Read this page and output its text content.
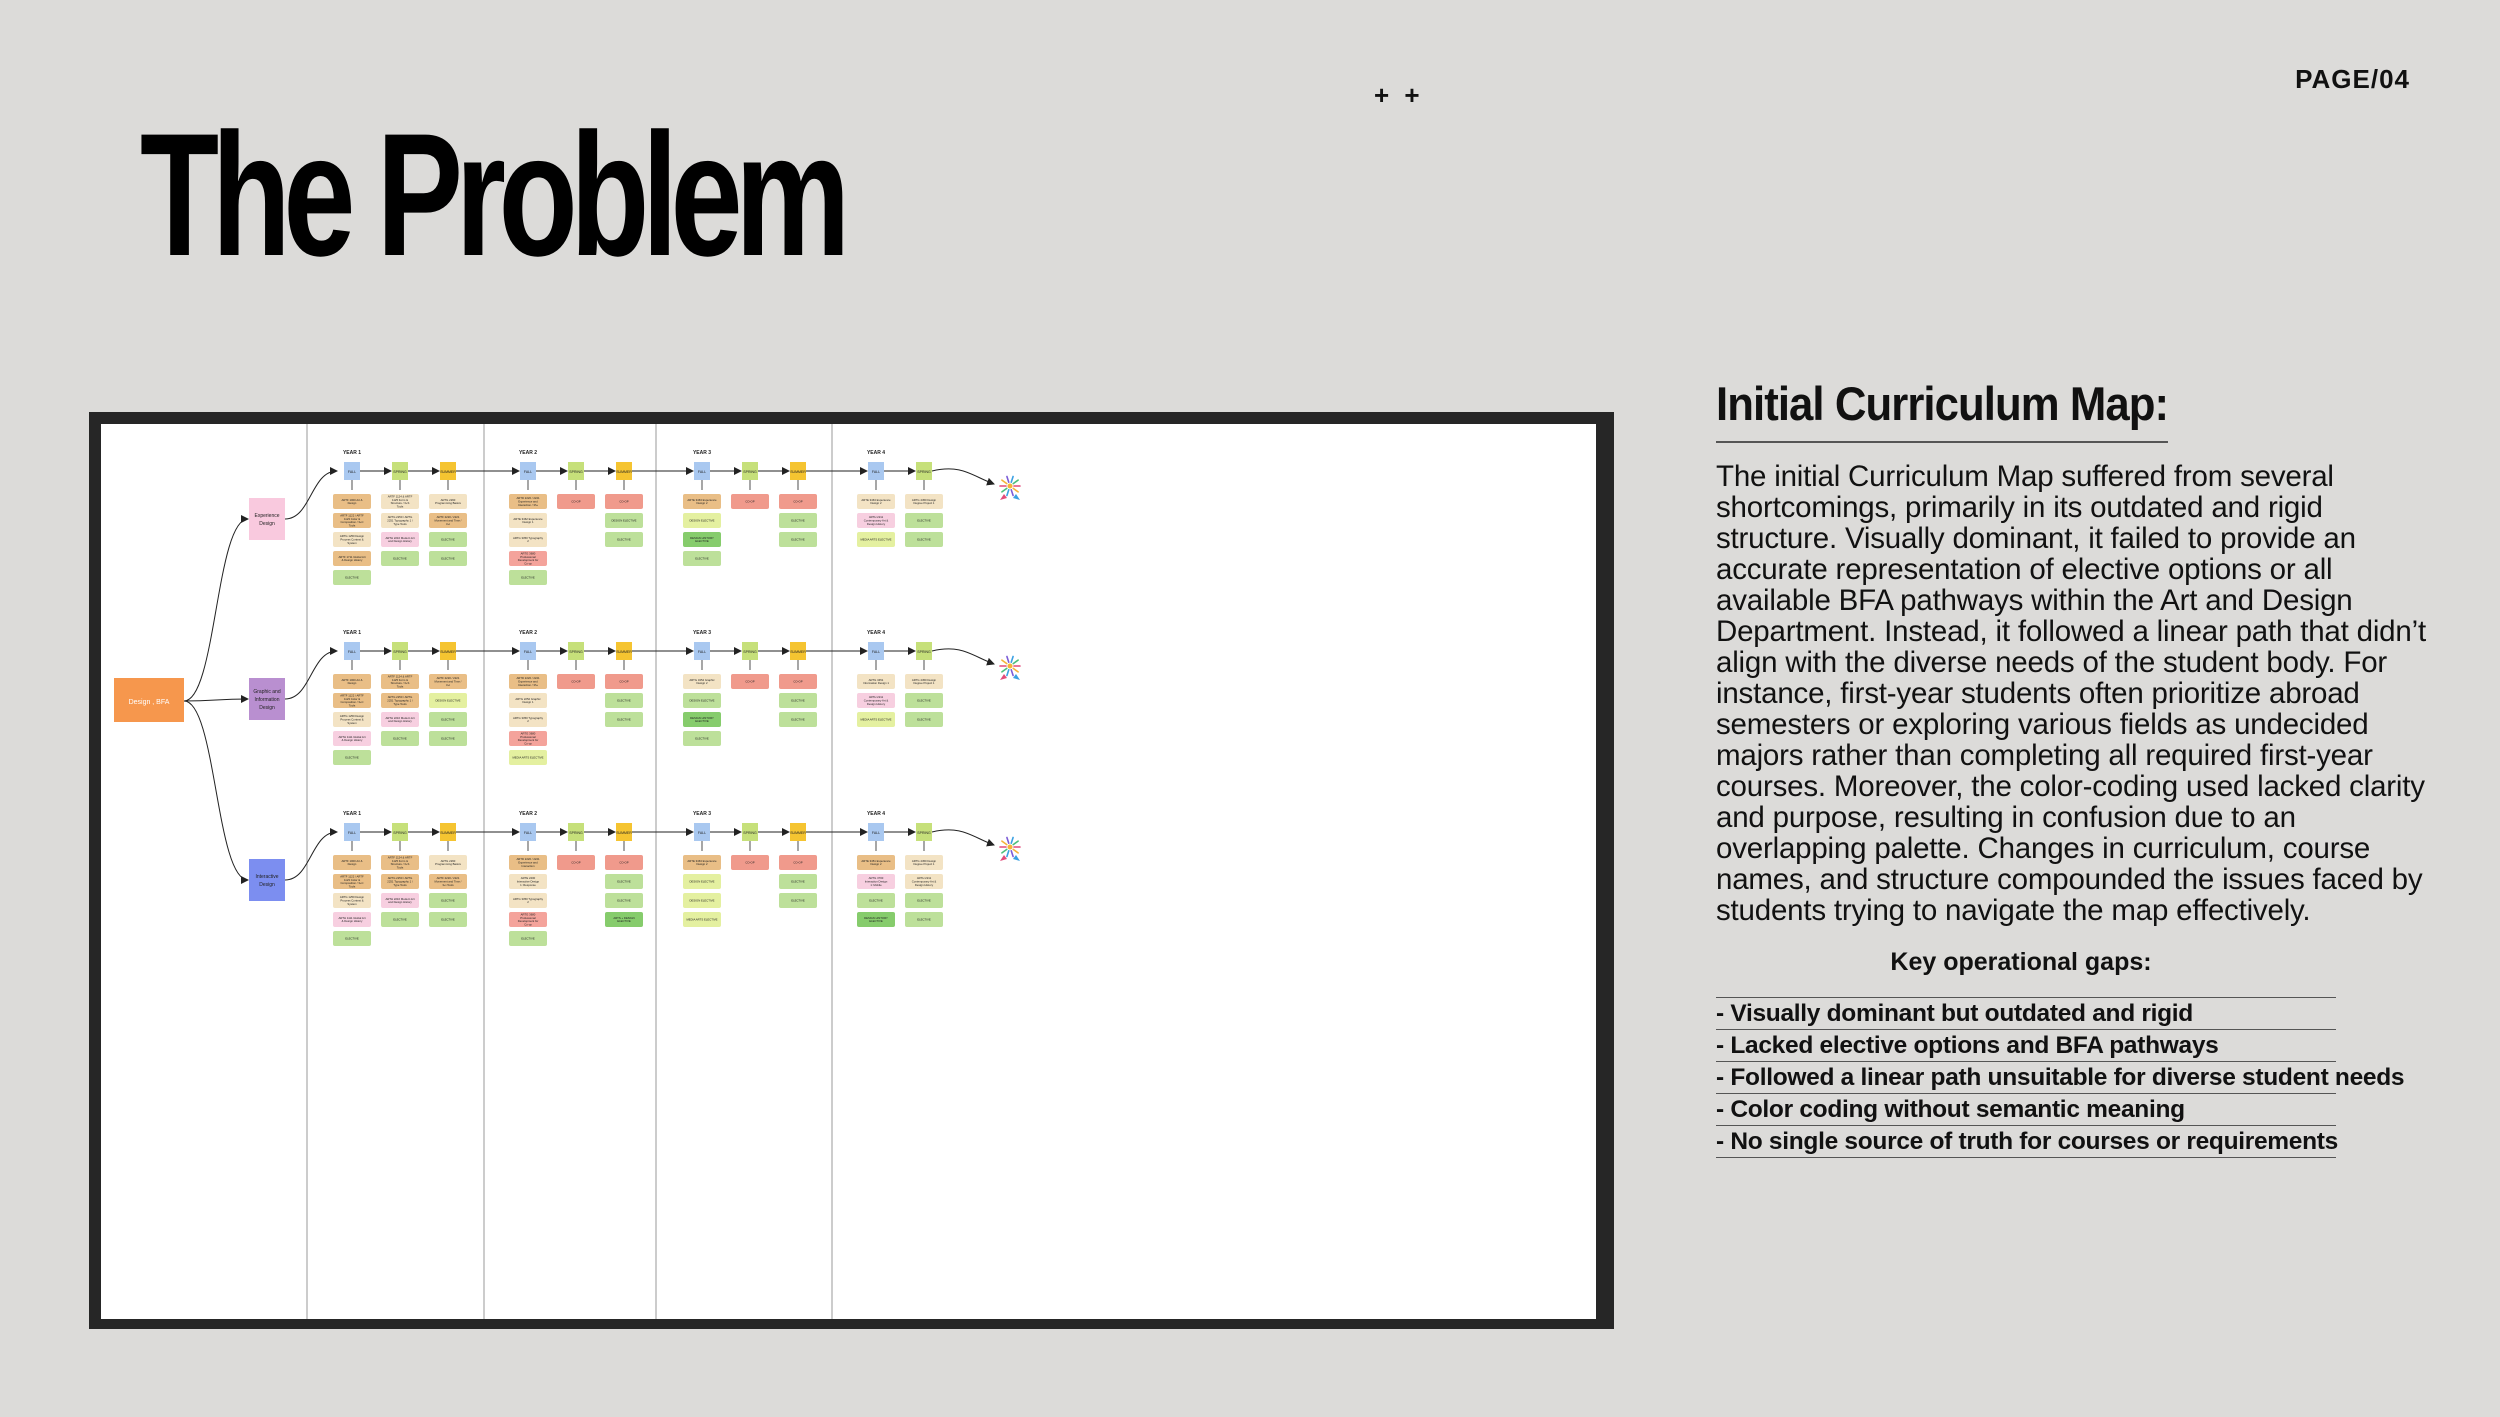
PAGE/04
+ +
The Problem
Design , BFA
Experience
Design
YEAR 1
FALL
ARTF 1000 Art &
Design
ARTF 1122 / ARTF
1123 Color &
Composition / 3+C
Tools
ARTG 1250 Design
Process Context &
System
ARTF 1711 Global Art
& Design History
ELECTIVE
SPRING
ARTF 1124 & ARTF
1125 Form &
Structure / 3+S
Tools
ARTG 2250 / ARTG
2251 Typography 1 /
Type Tools
ARTH 2210 Modern Art
and Design History
ELECTIVE
SUMMER
ARTG 2260
Programming Basics
ARTF 2220 / 2221
Movement and Time /
3+t
ELECTIVE
ELECTIVE
YEAR 2
FALL
ARTD 2220 / 2221
Experience and
Interaction / 3h+
ARTE 3462 Experience
Design 1
ARTG 3350 Typography
2
ARTG 3680
Professional
Development for
Co-op
ELECTIVE
SPRING
CO-OP
SUMMER
CO-OP
DESIGN ELECTIVE
ELECTIVE
YEAR 3
FALL
ARTE 3463 Experience
Design 2
DESIGN ELECTIVE
DESIGN HISTORY
ELECTIVE
ELECTIVE
SPRING
CO-OP
SUMMER
CO-OP
ELECTIVE
ELECTIVE
YEAR 4
FALL
ARTE 3463 Experience
Design 2
ARTH 2211
Contemporary Art &
Design History
MEDIA ARTS ELECTIVE
SPRING
ARTG 4450 Design
Degree Project 1
ELECTIVE
ELECTIVE
Graphic and
Information
Design
YEAR 1
FALL
ARTF 1000 Art &
Design
ARTF 1122 / ARTF
1123 Color &
Composition / 3+C
Tools
ARTG 1250 Design
Process Context &
System
ARTH 1111 Global Art
& Design History
ELECTIVE
SPRING
ARTF 1124 & ARTF
1125 Form &
Structure / 3+S
Tools
ARTG 2250 / ARTG
2251 Typography 1 /
Type Tools
ARTH 2210 Modern Art
and Design History
ELECTIVE
SUMMER
ARTF 2220 / 2221
Movement and Time /
3+t
DESIGN ELECTIVE
ELECTIVE
ELECTIVE
YEAR 2
FALL
ARTD 2220 / 2221
Experience and
Interaction / 3h+
ARTG 2252 Graphic
Design 1
ARTG 3350 Typography
2
ARTG 3680
Professional
Development for
Co-op
MEDIA ARTS ELECTIVE
SPRING
CO-OP
SUMMER
CO-OP
ELECTIVE
ELECTIVE
YEAR 3
FALL
ARTG 3454 Graphic
Design 2
DESIGN ELECTIVE
DESIGN HISTORY
ELECTIVE
ELECTIVE
SPRING
CO-OP
SUMMER
CO-OP
ELECTIVE
ELECTIVE
YEAR 4
FALL
ARTG 3451
Information Design 1
ARTH 2211
Contemporary Art &
Design History
MEDIA ARTS ELECTIVE
SPRING
ARTG 4450 Design
Degree Project 1
ELECTIVE
ELECTIVE
Interactive
Design
YEAR 1
FALL
ARTF 1000 Art &
Design
ARTF 1122 / ARTF
1123 Color &
Composition / 3+C
Tools
ARTG 1250 Design
Process Context &
System
ARTH 1111 Global Art
& Design History
ELECTIVE
SPRING
ARTF 1124 & ARTF
1125 Form &
Structure / 3+S
Tools
ARTG 2250 / ARTG
2251 Typography 1 /
Type Tools
ARTH 2210 Modern Art
and Design History
ELECTIVE
SUMMER
ARTG 2260
Programming Basics
ARTF 2220 / 2221
Movement and Time /
3+t Tools
ELECTIVE
ELECTIVE
YEAR 2
FALL
ARTD 2220 / 2221
Experience and
Interaction
ARTE 2400
Interactive Design
1: Response
ARTG 3350 Typography
2
ARTG 3680
Professional
Development for
Co-op
ELECTIVE
SPRING
CO-OP
SUMMER
CO-OP
ELECTIVE
ELECTIVE
ARTS + DESIGN
ELECTIVE
YEAR 3
FALL
ARTE 3463 Experience
Design 2
DESIGN ELECTIVE
DESIGN ELECTIVE
MEDIA ARTS ELECTIVE
SPRING
CO-OP
SUMMER
CO-OP
ELECTIVE
ELECTIVE
YEAR 4
FALL
ARTE 3451 Experience
Design 2
ARTG 3700
Interaction Design
1: Mobile
ELECTIVE
DESIGN HISTORY
ELECTIVE
SPRING
ARTG 4450 Design
Degree Project 1
ARTH 2211
Contemporary Art &
Design History
ELECTIVE
ELECTIVE
Initial Curriculum Map:

The initial Curriculum Map suffered from several shortcomings, primarily in its outdated and rigid structure. Visually dominant, it failed to provide an accurate representation of elective options or all available BFA pathways within the Art and Design Department. Instead, it followed a linear path that didn’t align with the diverse needs of the student body. For instance, first-year students often prioritize abroad semesters or exploring various fields as undecided majors rather than completing all required first-year courses. Moreover, the color-coding used lacked clarity and purpose, resulting in confusion due to an overlapping palette. Changes in curriculum, course names, and structure compounded the issues faced by students trying to navigate the map effectively.

Key operational gaps:
- Visually dominant but outdated and rigid
- Lacked elective options and BFA pathways
- Followed a linear path unsuitable for diverse student needs
- Color coding without semantic meaning
- No single source of truth for courses or requirements
